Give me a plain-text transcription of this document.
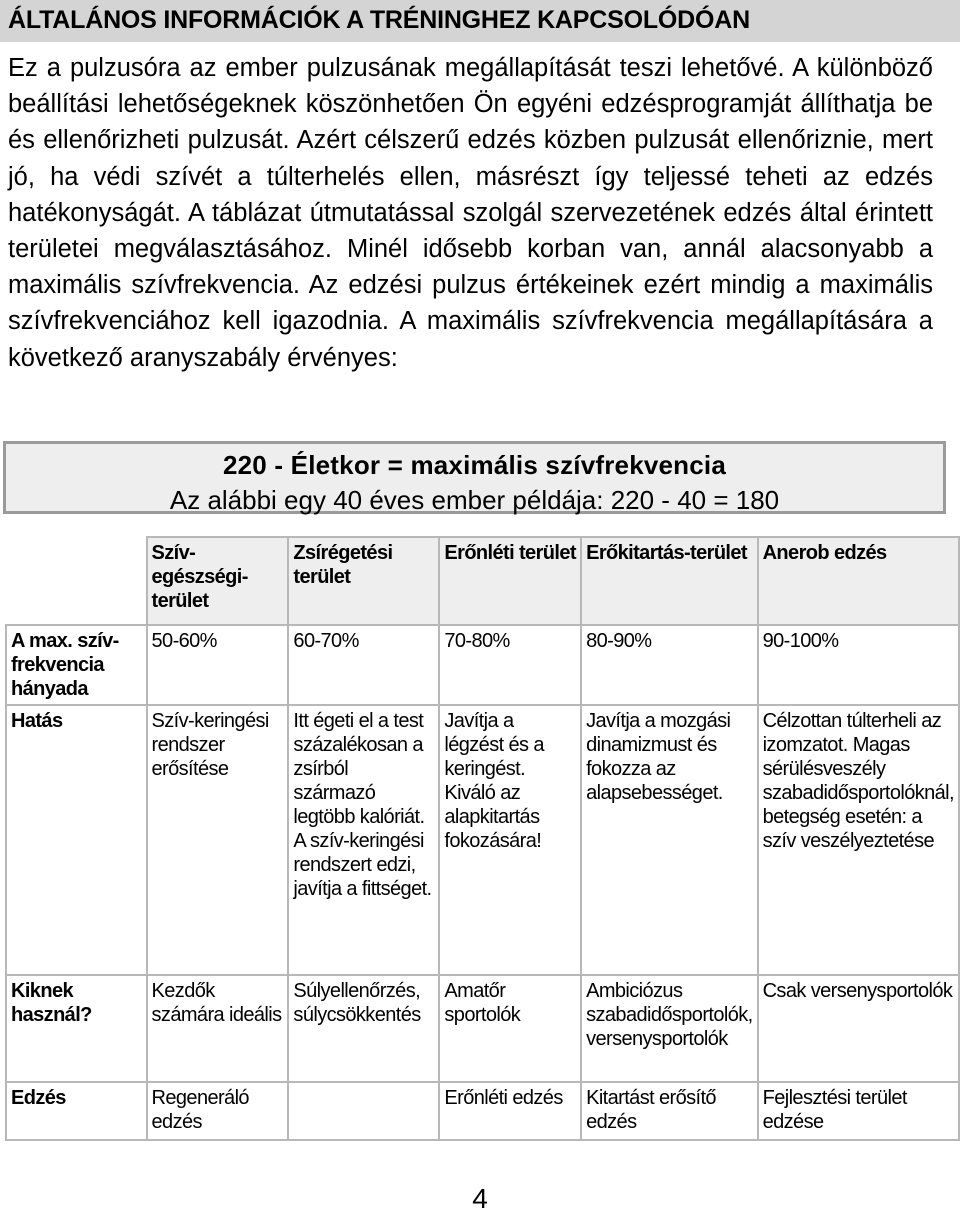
ÁLTALÁNOS INFORMÁCIÓK A TRÉNINGHEZ KAPCSOLÓDÓAN

Ez a pulzusóra az ember pulzusának megállapítását teszi lehetővé. A különböző beállítási lehetőségeknek köszönhetően Ön egyéni edzésprogramját állíthatja be és ellenőrizheti pulzusát. Azért célszerű edzés közben pulzusát ellenőriznie, mert jó, ha védi szívét a túlterhelés ellen, másrészt így teljessé teheti az edzés hatékonyságát. A táblázat útmutatással szolgál szervezetének edzés által érintett területei megválasztásához. Minél idősebb korban van, annál alacsonyabb a maximális szívfrekvencia. Az edzési pulzus értékeinek ezért mindig a maximális szívfrekvenciához kell igazodnia. A maximális szívfrekvencia megállapítására a következő aranyszabály érvényes:

220 - Életkor = maximális szívfrekvencia
Az alábbi egy 40 éves ember példája: 220 - 40 = 180
	Szív-egészségi-terület	Zsírégetési terület	Erőnléti terület	Erőkitartás-terület	Anerob edzés
A max. szív-frekvencia hányada	50-60%	60-70%	70-80%	80-90%	90-100%
Hatás	Szív-keringési rendszer erősítése	Itt égeti el a test százalékosan a zsírból származó legtöbb kalóriát. A szív-keringési rendszert edzi, javítja a fittséget.	Javítja a légzést és a keringést. Kiváló az alapkitartás fokozására!	Javítja a mozgási dinamizmust és fokozza az alapsebességet.	Célzottan túlterheli az izomzatot. Magas sérülésveszély szabadidősportolóknál, betegség esetén: a szív veszélyeztetése
Kiknek használ?	Kezdők számára ideális	Súlyellenőrzés, súlycsökkentés	Amatőr sportolók	Ambiciózus szabadidősportolók, versenysportolók	Csak versenysportolók
Edzés	Regeneráló edzés		Erőnléti edzés	Kitartást erősítő edzés	Fejlesztési terület edzése
4
